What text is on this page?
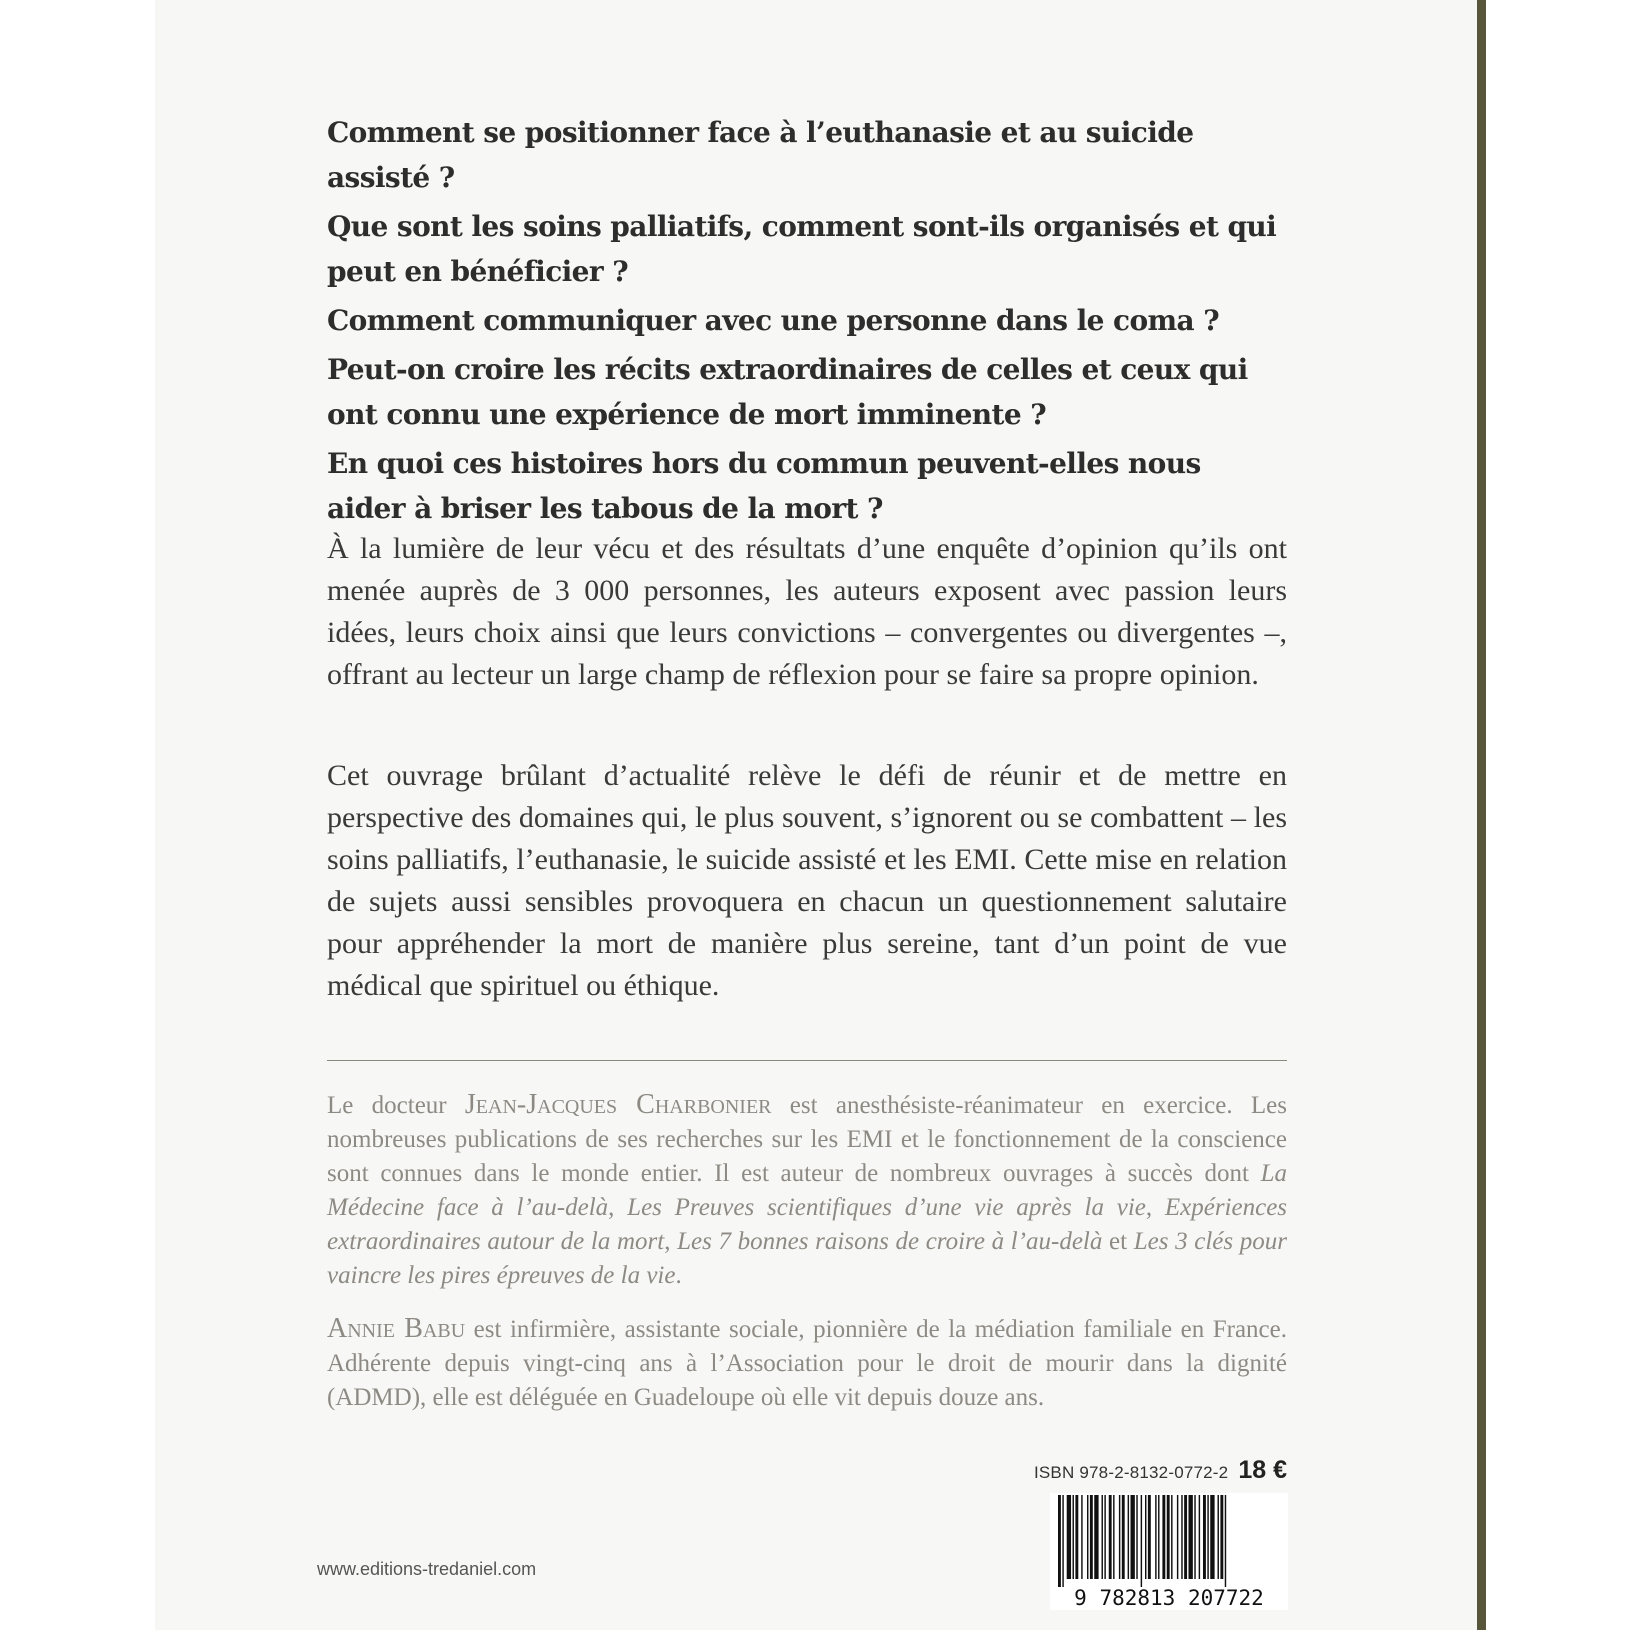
Comment se positionner face à l’euthanasie et au suicide assisté ?

Que sont les soins palliatifs, comment sont-ils organisés et qui peut en bénéficier ?

Comment communiquer avec une personne dans le coma ?

Peut-on croire les récits extraordinaires de celles et ceux qui ont connu une expérience de mort imminente ?

En quoi ces histoires hors du commun peuvent-elles nous aider à briser les tabous de la mort ?

À la lumière de leur vécu et des résultats d’une enquête d’opinion qu’ils ont menée auprès de 3 000 personnes, les auteurs exposent avec passion leurs idées, leurs choix ainsi que leurs convictions – convergentes ou divergentes –, offrant au lecteur un large champ de réflexion pour se faire sa propre opinion.

Cet ouvrage brûlant d’actualité relève le défi de réunir et de mettre en perspective des domaines qui, le plus souvent, s’ignorent ou se combattent – les soins palliatifs, l’euthanasie, le suicide assisté et les EMI. Cette mise en relation de sujets aussi sensibles provoquera en chacun un questionnement salutaire pour appréhender la mort de manière plus sereine, tant d’un point de vue médical que spirituel ou éthique.

Le docteur Jean-Jacques Charbonier est anesthésiste-réanimateur en exercice. Les nombreuses publications de ses recherches sur les EMI et le fonctionnement de la conscience sont connues dans le monde entier. Il est auteur de nombreux ouvrages à succès dont La Médecine face à l’au-delà, Les Preuves scientifiques d’une vie après la vie, Expériences extraordinaires autour de la mort, Les 7 bonnes raisons de croire à l’au-delà et Les 3 clés pour vaincre les pires épreuves de la vie.

Annie Babu est infirmière, assistante sociale, pionnière de la médiation familiale en France. Adhérente depuis vingt-cinq ans à l’Association pour le droit de mourir dans la dignité (ADMD), elle est déléguée en Guadeloupe où elle vit depuis douze ans.

ISBN 978-2-8132-0772-2 18 €
9 782813 207722
www.editions-tredaniel.com
